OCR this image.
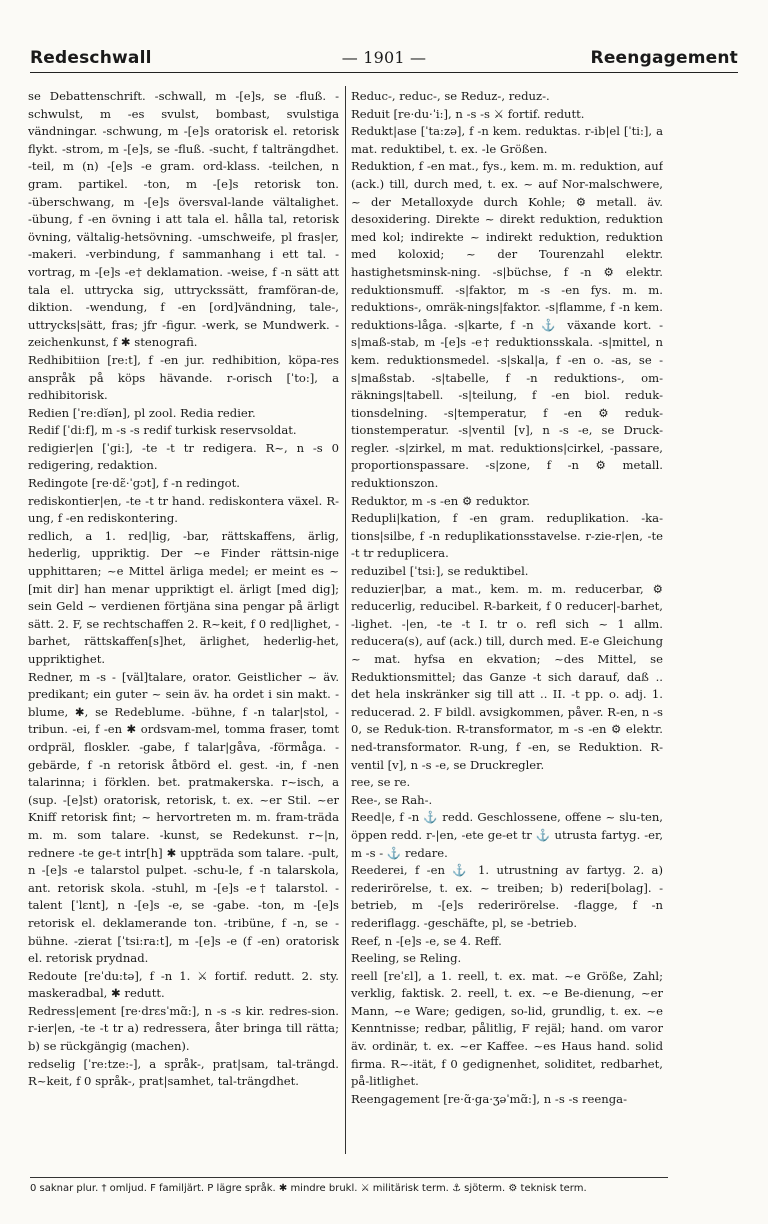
Redeschwall	— 1901 —	Reengagement

se Debattenschrift. -schwall, m -[e]s, se -fluß. -schwulst, m -es svulst, bombast, svulstiga vändningar. -schwung, m -[e]s oratorisk el. retorisk flykt. -strom, m -[e]s, se -fluß. -sucht, f talträngdhet. -teil, m (n) -[e]s -e gram. ord-klass. -teilchen, n gram. partikel. -ton, m -[e]s retorisk ton. -überschwang, m -[e]s översval-lande vältalighet. -übung, f -en övning i att tala el. hålla tal, retorisk övning, vältalig-hetsövning. -umschweife, pl fras|er, -makeri. -verbindung, f sammanhang i ett tal. -vortrag, m -[e]s -e† deklamation. -weise, f -n sätt att tala el. uttrycka sig, uttryckssätt, framföran-de, diktion. -wendung, f -en [ord]vändning, tale-, uttrycks|sätt, fras; jfr -figur. -werk, se Mundwerk. -zeichenkunst, f ✱ stenografi.

Redhibitiion [re:t], f -en jur. redhibition, köpa-res anspråk på köps hävande. r-orisch [ˈto:], a redhibitorisk.

Redien [ˈre:dĭən], pl zool. Redia redier.

Redif [ˈdi:f], m -s -s redif turkisk reservsoldat.

redigier|en [ˈgi:], -te -t tr redigera. R~, n -s 0 redigering, redaktion.

Redingote [re·dɛ̃·ˈgɔt], f -n redingot.

rediskontier|en, -te -t tr hand. rediskontera växel. R-ung, f -en rediskontering.

redlich, a 1. red|lig, -bar, rättskaffens, ärlig, hederlig, uppriktig. Der ~e Finder rättsin-nige upphittaren; ~e Mittel ärliga medel; er meint es ~ [mit dir] han menar uppriktigt el. ärligt [med dig]; sein Geld ~ verdienen förtjäna sina pengar på ärligt sätt. 2. F, se rechtschaffen 2. R~keit, f 0 red|lighet, -barhet, rättskaffen[s]het, ärlighet, hederlig-het, uppriktighet.

Redner, m -s - [väl]talare, orator. Geistlicher ~ äv. predikant; ein guter ~ sein äv. ha ordet i sin makt. -blume, ✱, se Redeblume. -bühne, f -n talar|stol, -tribun. -ei, f -en ✱ ordsvam-mel, tomma fraser, tomt ordpräl, floskler. -gabe, f talar|gåva, -förmåga. -gebärde, f -n retorisk åtbörd el. gest. -in, f -nen talarinna; i förklen. bet. pratmakerska. r~isch, a (sup. -[e]st) oratorisk, retorisk, t. ex. ~er Stil. ~er Kniff retorisk fint; ~ hervortreten m. m. fram-träda m. m. som talare. -kunst, se Redekunst. r~|n, rednere -te ge-t intr[h] ✱ uppträda som talare. -pult, n -[e]s -e talarstol pulpet. -schu-le, f -n talarskola, ant. retorisk skola. -stuhl, m -[e]s -e† talarstol. -talent [ˈlɛnt], n -[e]s -e, se -gabe. -ton, m -[e]s retorisk el. deklamerande ton. -tribüne, f -n, se -bühne. -zierat [ˈtsi:ra:t], m -[e]s -e (f -en) oratorisk el. retorisk prydnad.

Redoute [reˈdu:tə], f -n 1. ⚔ fortif. redutt. 2. sty. maskeradbal, ✱ redutt.

Redress|ement [re·drɛsˈmɑ̃:], n -s -s kir. redres-sion. r-ier|en, -te -t tr a) redressera, åter bringa till rätta; b) se rückgängig (machen).

redselig [ˈre:tze:-], a språk-, prat|sam, tal-trängd. R~keit, f 0 språk-, prat|samhet, tal-trängdhet.

Reduc-, reduc-, se Reduz-, reduz-.

Reduit [re·du·ˈi:], n -s -s ⚔ fortif. redutt.

Redukt|ase [ˈta:zə], f -n kem. reduktas. r-ib|el [ˈti:], a mat. reduktibel, t. ex. -le Größen.

Reduktion, f -en mat., fys., kem. m. m. reduktion, auf (ack.) till, durch med, t. ex. ~ auf Nor-malschwere, ~ der Metalloxyde durch Kohle; ⚙ metall. äv. desoxidering. Direkte ~ direkt reduktion, reduktion med kol; indirekte ~ indirekt reduktion, reduktion med koloxid; ~ der Tourenzahl elektr. hastighetsminsk-ning. -s|büchse, f -n ⚙ elektr. reduktionsmuff. -s|faktor, m -s -en fys. m. m. reduktions-, omräk-nings|faktor. -s|flamme, f -n kem. reduktions-låga. -s|karte, f -n ⚓ växande kort. -s|maß-stab, m -[e]s -e† reduktionsskala. -s|mittel, n kem. reduktionsmedel. -s|skal|a, f -en o. -as, se -s|maßstab. -s|tabelle, f -n reduktions-, om-räknings|tabell. -s|teilung, f -en biol. reduk-tionsdelning. -s|temperatur, f -en ⚙ reduk-tionstemperatur. -s|ventil [v], n -s -e, se Druck-regler. -s|zirkel, m mat. reduktions|cirkel, -passare, proportionspassare. -s|zone, f -n ⚙ metall. reduktionszon.

Reduktor, m -s -en ⚙ reduktor.

Redupli|kation, f -en gram. reduplikation. -ka-tions|silbe, f -n reduplikationsstavelse. r-zie-r|en, -te -t tr reduplicera.

reduzibel [ˈtsi:], se reduktibel.

reduzier|bar, a mat., kem. m. m. reducerbar, ⚙ reducerlig, reducibel. R-barkeit, f 0 reducer|-barhet, -lighet. -|en, -te -t I. tr o. refl sich ~ 1 allm. reducera(s), auf (ack.) till, durch med. E-e Gleichung ~ mat. hyfsa en ekvation; ~des Mittel, se Reduktionsmittel; das Ganze -t sich darauf, daß .. det hela inskränker sig till att .. II. -t pp. o. adj. 1. reducerad. 2. F bildl. avsigkommen, påver. R-en, n -s 0, se Reduk-tion. R-transformator, m -s -en ⚙ elektr. ned-transformator. R-ung, f -en, se Reduktion. R-ventil [v], n -s -e, se Druckregler.

ree, se re.

Ree-, se Rah-.

Reed|e, f -n ⚓ redd. Geschlossene, offene ~ slu-ten, öppen redd. r-|en, -ete ge-et tr ⚓ utrusta fartyg. -er, m -s - ⚓ redare.

Reederei, f -en ⚓ 1. utrustning av fartyg. 2. a) rederirörelse, t. ex. ~ treiben; b) rederi[bolag]. -betrieb, m -[e]s rederirörelse. -flagge, f -n rederiflagg. -geschäfte, pl, se -betrieb.

Reef, n -[e]s -e, se 4. Reff.

Reeling, se Reling.

reell [reˈɛl], a 1. reell, t. ex. mat. ~e Größe, Zahl; verklig, faktisk. 2. reell, t. ex. ~e Be-dienung, ~er Mann, ~e Ware; gedigen, so-lid, grundlig, t. ex. ~e Kenntnisse; redbar, pålitlig, F rejäl; hand. om varor äv. ordinär, t. ex. ~er Kaffee. ~es Haus hand. solid firma. R~-ität, f 0 gedignenhet, soliditet, redbarhet, på-litlighet.

Reengagement [re·ɑ̃·ga·ʒəˈmɑ̃:], n -s -s reenga-

0 saknar plur. † omljud. F familjärt. P lägre språk. ✱ mindre brukl. ⚔ militärisk term. ⚓ sjöterm. ⚙ teknisk term.
